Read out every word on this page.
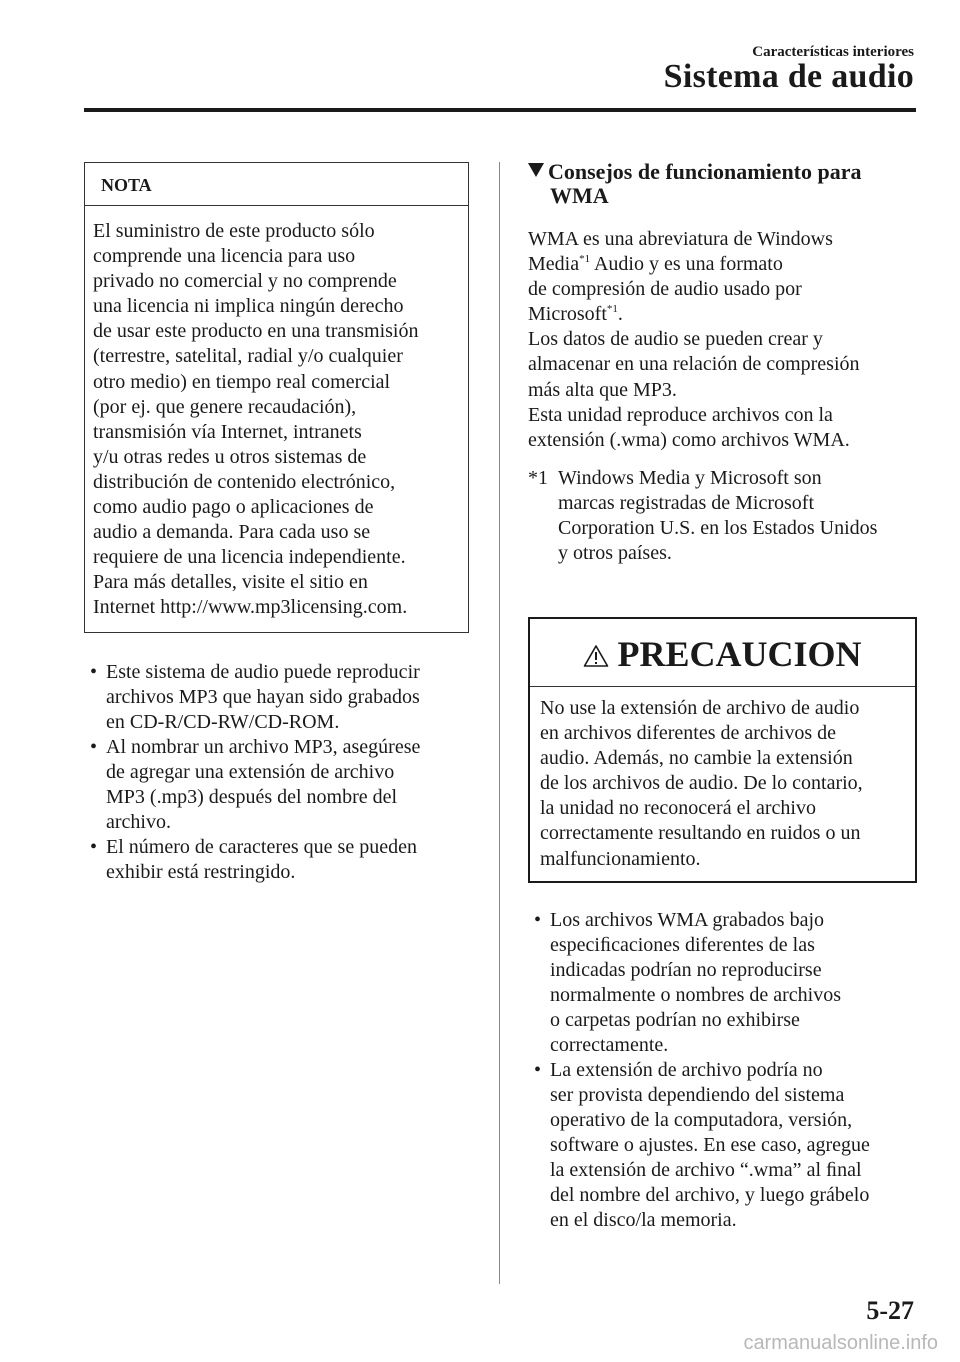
Características interiores
Sistema de audio
NOTA
El suministro de este producto sólo
comprende una licencia para uso
privado no comercial y no comprende
una licencia ni implica ningún derecho
de usar este producto en una transmisión
(terrestre, satelital, radial y/o cualquier
otro medio) en tiempo real comercial
(por ej. que genere recaudación),
transmisión vía Internet, intranets
y/u otras redes u otros sistemas de
distribución de contenido electrónico,
como audio pago o aplicaciones de
audio a demanda. Para cada uso se
requiere de una licencia independiente.
Para más detalles, visite el sitio en
Internet http://www.mp3licensing.com.
• Este sistema de audio puede reproducir
archivos MP3 que hayan sido grabados
en CD-R/CD-RW/CD-ROM.
• Al nombrar un archivo MP3, asegúrese
de agregar una extensión de archivo
MP3 (.mp3) después del nombre del
archivo.
• El número de caracteres que se pueden
exhibir está restringido.
Consejos de funcionamiento para
WMA
WMA es una abreviatura de Windows
Media$^{*1}$ Audio y es una formato
de compresión de audio usado por
Microsoft$^{*1}$.
Los datos de audio se pueden crear y
almacenar en una relación de compresión
más alta que MP3.
Esta unidad reproduce archivos con la
extensión (.wma) como archivos WMA.
*1 Windows Media y Microsoft son
marcas registradas de Microsoft
Corporation U.S. en los Estados Unidos
y otros países.
PRECAUCION
No use la extensión de archivo de audio
en archivos diferentes de archivos de
audio. Además, no cambie la extensión
de los archivos de audio. De lo contario,
la unidad no reconocerá el archivo
correctamente resultando en ruidos o un
malfuncionamiento.
• Los archivos WMA grabados bajo
especiﬁcaciones diferentes de las
indicadas podrían no reproducirse
normalmente o nombres de archivos
o carpetas podrían no exhibirse
correctamente.
• La extensión de archivo podría no
ser provista dependiendo del sistema
operativo de la computadora, versión,
software o ajustes. En ese caso, agregue
la extensión de archivo “.wma” al ﬁnal
del nombre del archivo, y luego grábelo
en el disco/la memoria.
5-27
carmanualsonline.info
